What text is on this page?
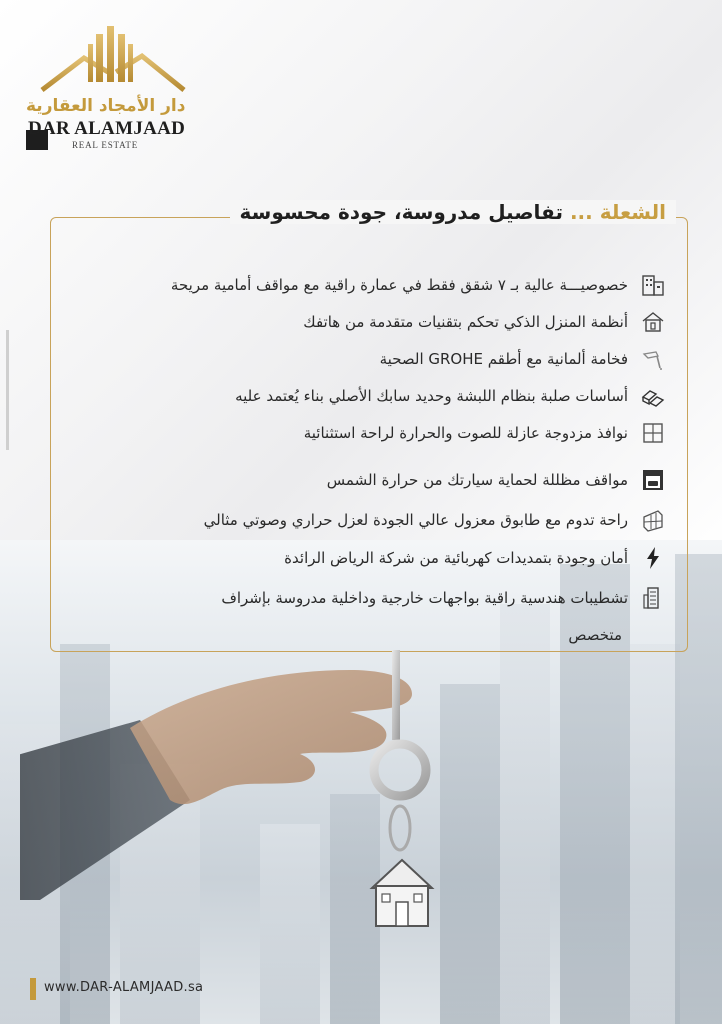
دار الأمجاد العقارية
DAR ALAMJAAD
REAL ESTATE
الشعلة ... تفاصيل مدروسة، جودة محسوسة
خصوصيـــة عالية بـ ٧ شقق فقط في عمارة راقية مع مواقف أمامية مريحة
أنظمة المنزل الذكي تحكم بتقنيات متقدمة من هاتفك
فخامة ألمانية مع أطقم GROHE الصحية
أساسات صلبة بنظام اللبشة وحديد سابك الأصلي بناء يُعتمد عليه
نوافذ مزدوجة عازلة للصوت والحرارة لراحة استثنائية
مواقف مظللة لحماية سيارتك من حرارة الشمس
راحة تدوم مع طابوق معزول عالي الجودة لعزل حراري وصوتي مثالي
أمان وجودة بتمديدات كهربائية من شركة الرياض الرائدة
تشطيبات هندسية راقية بواجهات خارجية وداخلية مدروسة بإشراف
متخصص
www.DAR-ALAMJAAD.sa
